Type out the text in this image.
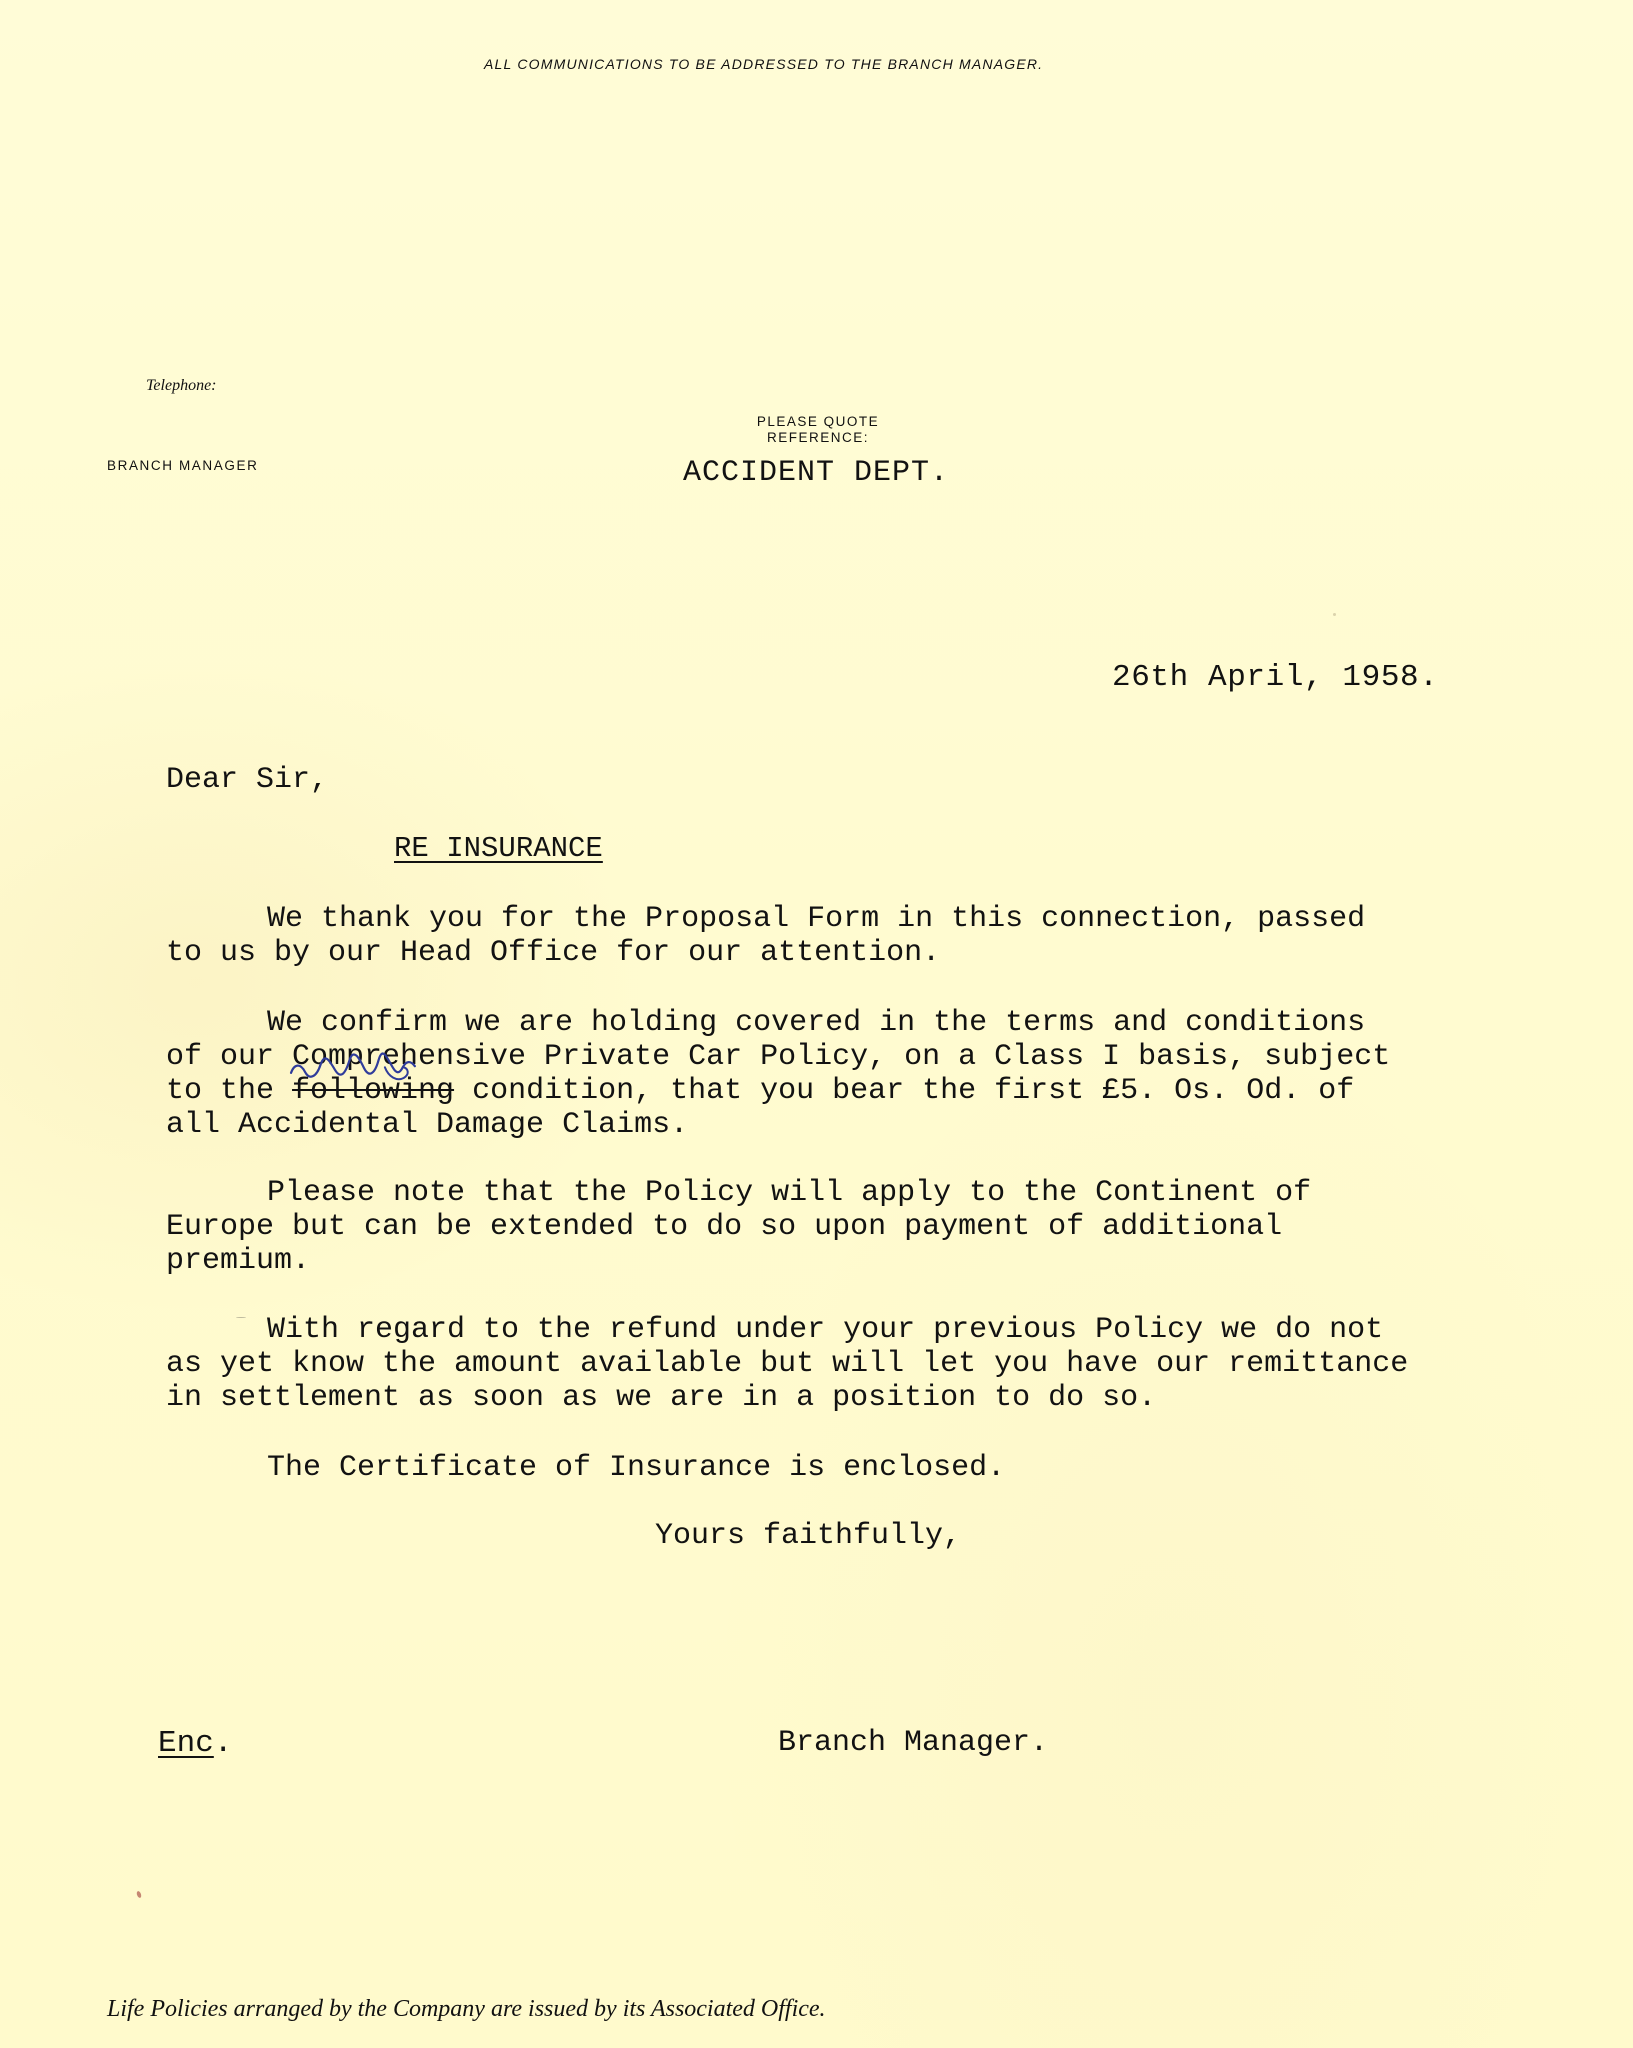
ALL COMMUNICATIONS TO BE ADDRESSED TO THE BRANCH MANAGER.
Telephone:
BRANCH MANAGER
PLEASE QUOTE
REFERENCE:
ACCIDENT DEPT.
26th April, 1958.
Dear Sir,
RE INSURANCE
We thank you for the Proposal Form in this connection, passed
to us by our Head Office for our attention.
We confirm we are holding covered in the terms and conditions
of our Comprehensive Private Car Policy, on a Class I basis, subject
to the following
condition, that you bear the first £5. Os. Od. of
all Accidental Damage Claims.
Please note that the Policy will apply to the Continent of
Europe but can be extended to do so upon payment of additional
premium.
With regard to the refund under your previous Policy we do not
as yet know the amount available but will let you have our remittance
in settlement as soon as we are in a position to do so.
The Certificate of Insurance is enclosed.
Yours faithfully,
Enc.	Branch Manager.
Life Policies arranged by the Company are issued by its Associated Office.
